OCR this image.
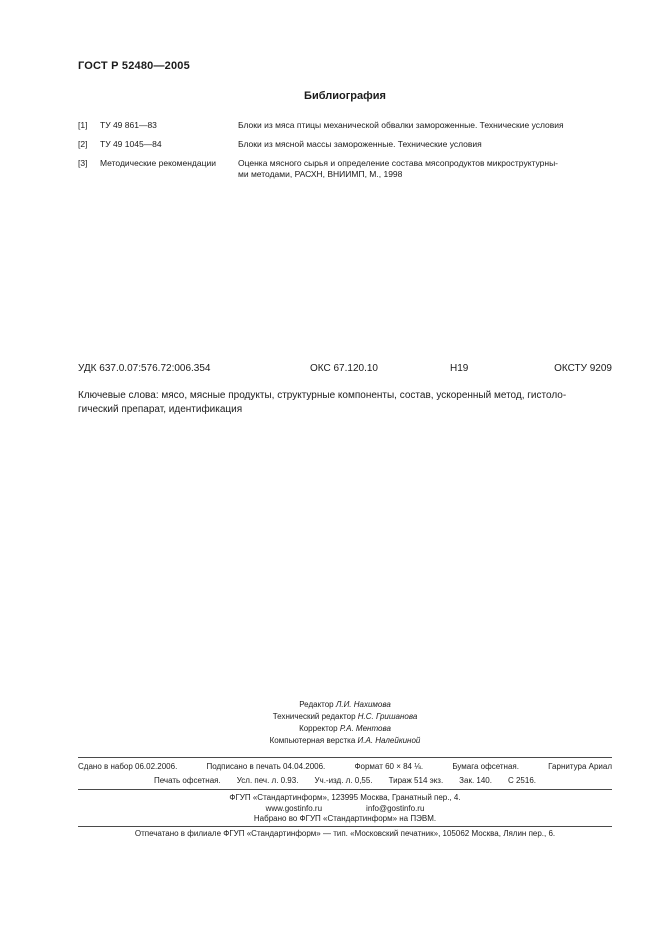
ГОСТ Р 52480—2005
Библиография
[1]	ТУ 49 861—83	Блоки из мяса птицы механической обвалки замороженные. Технические условия
[2]	ТУ 49 1045—84	Блоки из мясной массы замороженные. Технические условия
[3]	Методические рекомендации	Оценка мясного сырья и определение состава мясопродуктов микроструктурны-
ми методами, РАСХН, ВНИИМП, М., 1998
УДК 637.0.07:576.72:006.354	ОКС 67.120.10	Н19	ОКСТУ 9209
Ключевые слова: мясо, мясные продукты, структурные компоненты, состав, ускоренный метод, гистоло-
гический препарат, идентификация
Редактор Л.И. Нахимова
Технический редактор Н.С. Гришанова
Корректор Р.А. Ментова
Компьютерная верстка И.А. Налейкиной
Сдано в набор 06.02.2006.	Подписано в печать 04.04.2006.	Формат 60 × 84 ⅛.	Бумага офсетная.	Гарнитура Ариал
Печать офсетная. Усл. печ. л. 0.93. Уч.-изд. л. 0,55. Тираж 514 экз. Зак. 140. С 2516.
ФГУП «Стандартинформ», 123995 Москва, Гранатный пер., 4.
www.gostinfo.ru	info@gostinfo.ru
Набрано во ФГУП «Стандартинформ» на ПЭВМ.
Отпечатано в филиале ФГУП «Стандартинформ» — тип. «Московский печатник», 105062 Москва, Лялин пер., 6.
